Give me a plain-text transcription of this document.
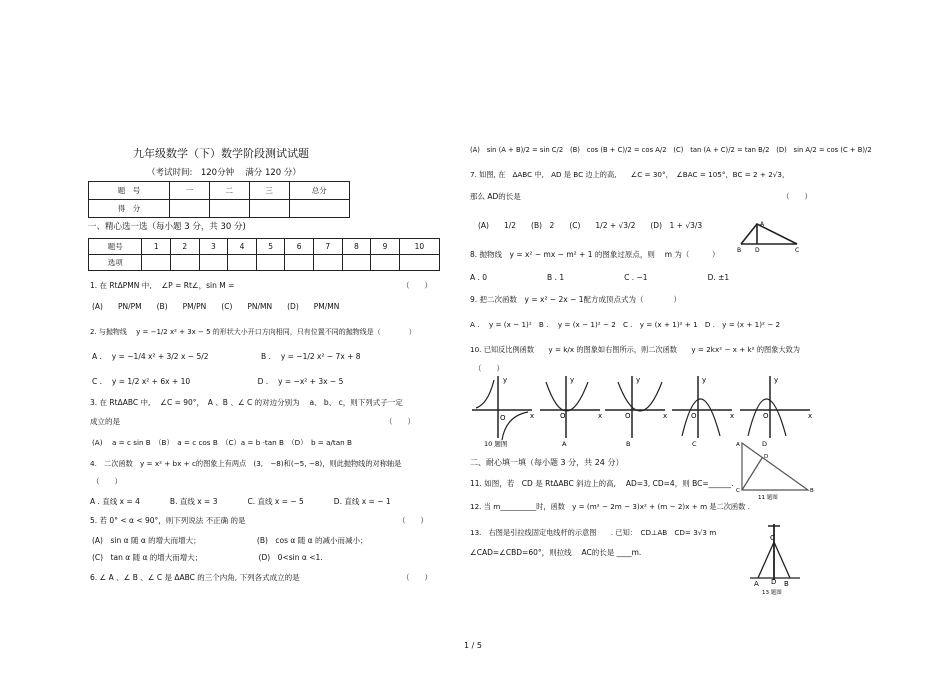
九年级数学（下）数学阶段测试试题
（考试时间:　120分钟　 满分 120 分）
题　号	一	二	三	总分
得　分				
一、精心选一选（每小题 3 分，共 30 分)
题号	1	2	3	4	5	6	7	8	9	10
选项										
1. 在 RtΔPMN 中, 　∠P = Rt∠，sin M =	（　　）
(A)　　PN/PM　　(B)　　PM/PN　　(C)　　PN/MN　　(D)　　PM/MN
2. 与抛物线 　y = −1/2 x² + 3x − 5 的形状大小开口方向相同，只有位置不同的抛物线是（　　　　）
A . 　y = −1/4 x² + 3/2 x − 5/2　　　　　　　B . 　y = −1/2 x² − 7x + 8
C . 　y = 1/2 x² + 6x + 10　　　　　　　　　D . 　y = −x² + 3x − 5
3. 在 RtΔABC 中, 　∠C = 90°，　A 、B 、∠ C 的对边分别为 　a、 b、 c，则下列式子一定
成立的是	（　　）
(A)　 a = c sin B　（B）　a = c cos B　（C）a = b ·tan B　（D）　b = a/tan B
4.　二次函数　y = x² + bx + c的图象上有两点　(3,　−8)和(−5, −8)，则此抛物线的对称轴是
（　　）
A . 直线 x = 4　　　　B. 直线 x = 3　　　　C. 直线 x = − 5　　　　D. 直线 x = − 1
5. 若 0° < α < 90°，则下列说法 不正确 的是	（　　）
(A)　sin α 随 α 的增大而增大；　　　　　　　　(B)　cos α 随 α 的减小而减小；
(C)　tan α 随 α 的增大而增大；　　　　　　　　(D)　0<sin α <1.
6. ∠ A 、∠ B 、∠ C 是 ΔABC 的三个内角, 下列各式成立的是	（　　）
(A)　sin (A + B)/2 = sin C/2　(B)　cos (B + C)/2 = cos A/2　(C)　tan (A + C)/2 = tan B/2　(D)　sin A/2 = cos (C + B)/2
7. 如图, 在　ΔABC 中,　AD 是 BC 边上的高,　　∠C = 30°，　∠BAC = 105°，BC = 2 + 2√3，
那么 AD的长是	（　　）
(A)　　1/2　　(B)　2　　(C)　　1/2 + √3/2　　(D)　1 + √3/3	A
B D	C
8. 抛物线　y = x² − mx − m² + 1 的图象过原点，则　 m 为（　　　）
A . 0　　　　　　　　B . 1　　　　　　　　C . −1　　　　　　　　D. ±1
9. 把二次函数　y = x² − 2x − 1配方成顶点式为（　　　　）
A . 　y = (x − 1)²　B .　 y = (x − 1)² − 2　C .　y = (x + 1)² + 1　D .　y = (x + 1)² − 2
10. 已知反比例函数　　y = k/x 的图象如右图所示，则二次函数　　y = 2kx² − x + k² 的图象大致为
（　　）
y
x
O
10 题图
y
x
O
A
y
x
O
B
y
x
O
C
y
x
O
D
二、耐心填一填（每小题 3 分，共 24 分）
A
B
C
D
11 题图
11. 如图，若　CD 是 RtΔABC 斜边上的高,　 AD=3, CD=4，则 BC=______.
12. 当 m__________时，函数　y = (m² − 2m − 3)x² + (m − 2)x + m 是二次函数 .
13.　右图是引拉线固定电线杆的示意图　　. 已知：　CD⊥AB　CD= 3√3 m
∠CAD=∠CBD=60°，则拉线　 AC的长是 ____m.
C
A D B
13 题图
1 / 5
